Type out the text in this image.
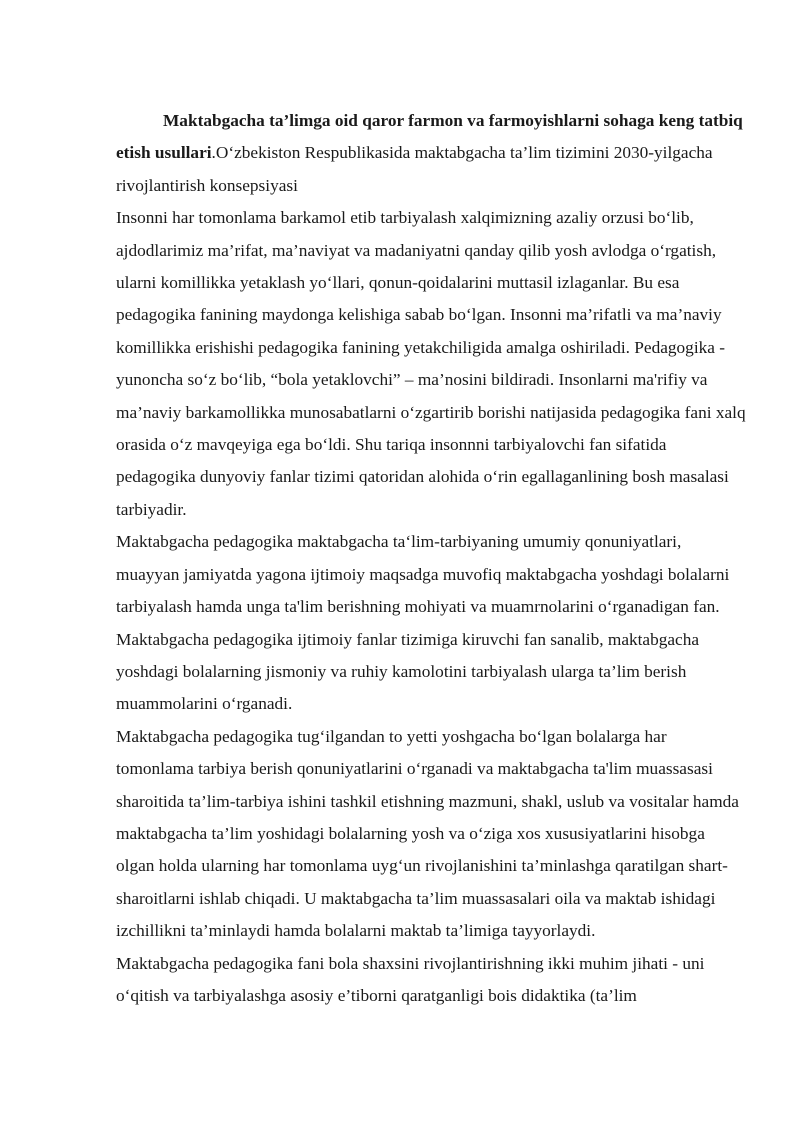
Maktabgacha ta’limga oid qaror farmon va farmoyishlarni sohaga keng tatbiq etish usullari.O‘zbekiston Respublikasida maktabgacha ta’lim tizimini 2030-yilgacha rivojlantirish konsepsiyasi

Insonni har tomonlama barkamol etib tarbiyalash xalqimizning azaliy orzusi bo‘lib, ajdodlarimiz ma’rifat, ma’naviyat va madaniyatni qanday qilib yosh avlodga o‘rgatish, ularni komillikka yetaklash yo‘llari, qonun-qoidalarini muttasil izlaganlar. Bu esa pedagogika fanining maydonga kelishiga sabab bo‘lgan. Insonni ma’rifatli va ma’naviy komillikka erishishi pedagogika fanining yetakchiligida amalga oshiriladi. Pedagogika - yunoncha so‘z bo‘lib, “bola yetaklovchi” – ma’nosini bildiradi. Insonlarni ma'rifiy va ma’naviy barkamollikka munosabatlarni o‘zgartirib borishi natijasida pedagogika fani xalq orasida o‘z mavqeyiga ega bo‘ldi. Shu tariqa insonnni tarbiyalovchi fan sifatida pedagogika dunyoviy fanlar tizimi qatoridan alohida o‘rin egallaganlining bosh masalasi tarbiyadir.

Maktabgacha pedagogika maktabgacha ta‘lim-tarbiyaning umumiy qonuniyatlari, muayyan jamiyatda yagona ijtimoiy maqsadga muvofiq maktabgacha yoshdagi bolalarni tarbiyalash hamda unga ta'lim berishning mohiyati va muamrnolarini o‘rganadigan fan. Maktabgacha pedagogika ijtimoiy fanlar tizimiga kiruvchi fan sanalib, maktabgacha yoshdagi bolalarning jismoniy va ruhiy kamolotini tarbiyalash ularga ta’lim berish muammolarini o‘rganadi.

Maktabgacha pedagogika tug‘ilgandan to yetti yoshgacha bo‘lgan bolalarga har tomonlama tarbiya berish qonuniyatlarini o‘rganadi va maktabgacha ta'lim muassasasi sharoitida ta’lim-tarbiya ishini tashkil etishning mazmuni, shakl, uslub va vositalar hamda maktabgacha ta’lim yoshidagi bolalarning yosh va o‘ziga xos xususiyatlarini hisobga olgan holda ularning har tomonlama uyg‘un rivojlanishini ta’minlashga qaratilgan shart-sharoitlarni ishlab chiqadi. U maktabgacha ta’lim muassasalari oila va maktab ishidagi izchillikni ta’minlaydi hamda bolalarni maktab ta’limiga tayyorlaydi.

Maktabgacha pedagogika fani bola shaxsini rivojlantirishning ikki muhim jihati - uni o‘qitish va tarbiyalashga asosiy e’tiborni qaratganligi bois didaktika (ta’lim
